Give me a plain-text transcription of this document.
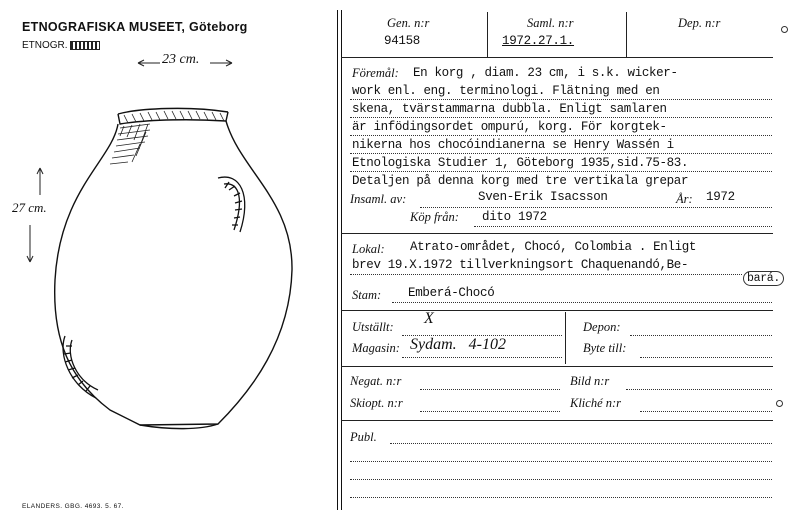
ETNOGRAFISKA MUSEET, Göteborg
ETNOGR.
23 cm.
27 cm.
ELANDERS. GBG. 4693. 5. 67.
Gen. n:r
94158
Saml. n:r
1972.27.1.
Dep. n:r
Föremål: En korg , diam. 23 cm, i s.k. wicker-
work enl. eng. terminologi. Flätning med en
skena, tvärstammarna dubbla. Enligt samlaren
är infödingsordet ompurú, korg. För korgtek-
nikerna hos chocóindianerna se Henry Wassén i
Etnologiska Studier 1, Göteborg 1935,sid.75-83.
Detaljen på denna korg med tre vertikala grepar
Insaml. av:	Sven-Erik Isacsson	År: 1972
Köp från: dito 1972
Lokal: Atrato-området, Chocó, Colombia . Enligt
brev 19.X.1972 tillverkningsort Chaquenandó,Be-
bará.
Stam: Emberá-Chocó
Utställt: X
Magasin: Sydam.   4-102
Depon:
Byte till:
Negat. n:r	Bild n:r
Skiopt. n:r	Kliché n:r
Publ.
